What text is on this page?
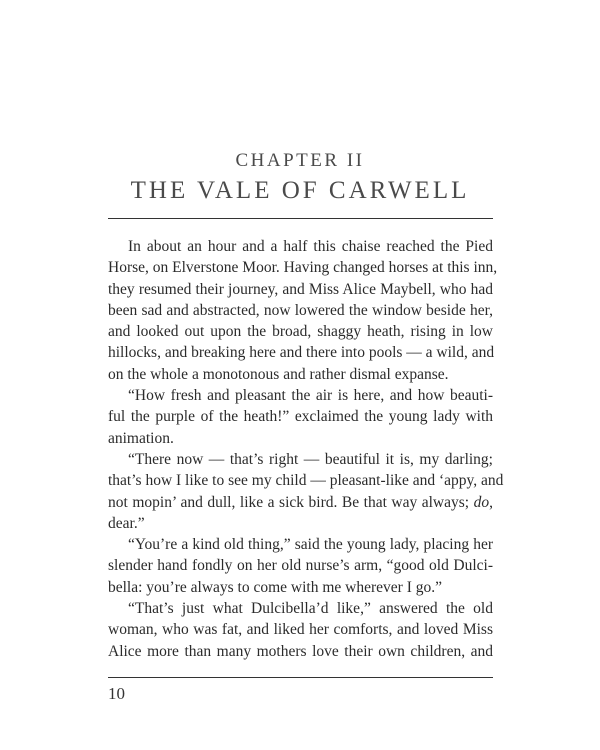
CHAPTER II
THE VALE OF CARWELL
In about an hour and a half this chaise reached the Pied
Horse, on Elverstone Moor. Having changed horses at this inn,
they resumed their journey, and Miss Alice Maybell, who had
been sad and abstracted, now lowered the window beside her,
and looked out upon the broad, shaggy heath, rising in low
hillocks, and breaking here and there into pools — a wild, and
on the whole a monotonous and rather dismal expanse.
“How fresh and pleasant the air is here, and how beauti-
ful the purple of the heath!” exclaimed the young lady with
animation.
“There now — that’s right — beautiful it is, my darling;
that’s how I like to see my child — pleasant-like and ‘appy, and
not mopin’ and dull, like a sick bird. Be that way always; do,
dear.”
“You’re a kind old thing,” said the young lady, placing her
slender hand fondly on her old nurse’s arm, “good old Dulci-
bella: you’re always to come with me wherever I go.”
“That’s just what Dulcibella’d like,” answered the old
woman, who was fat, and liked her comforts, and loved Miss
Alice more than many mothers love their own children, and
10
